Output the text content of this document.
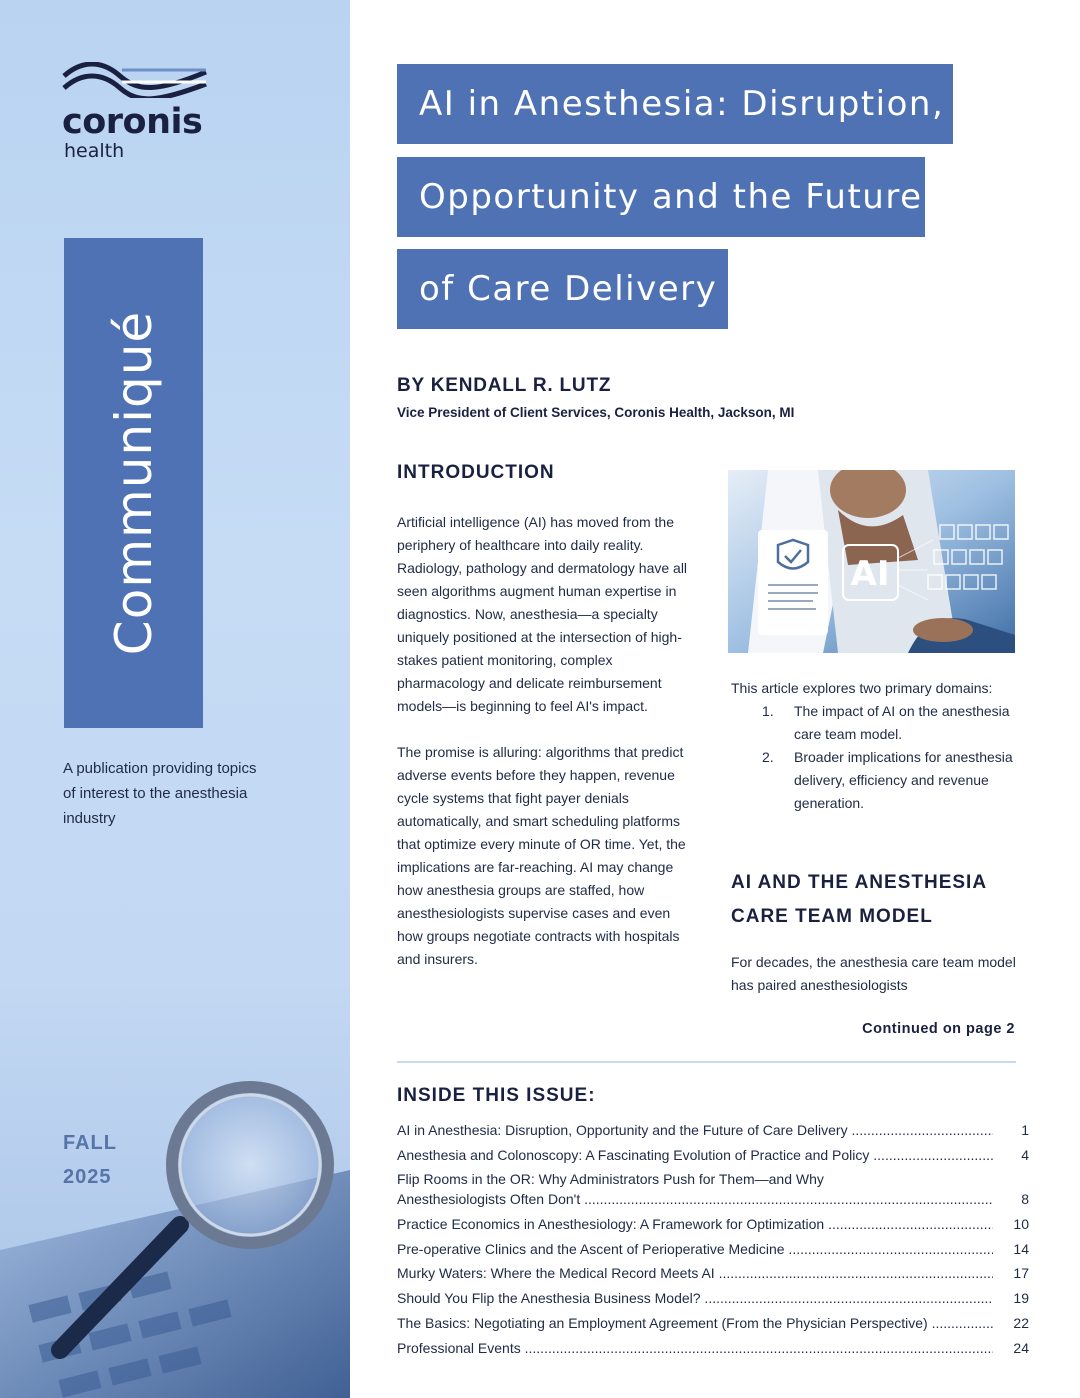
coronis
health
Communiqué
A publication providing topics of interest to the anesthesia industry
FALL
2025
AI in Anesthesia: Disruption,
Opportunity and the Future
of Care Delivery
BY KENDALL R. LUTZ
Vice President of Client Services, Coronis Health, Jackson, MI
INTRODUCTION

Artificial intelligence (AI) has moved from the periphery of healthcare into daily reality. Radiology, pathology and dermatology have all seen algorithms augment human expertise in diagnostics. Now, anesthesia—a specialty uniquely positioned at the intersection of high-stakes patient monitoring, complex pharmacology and delicate reimbursement models—is beginning to feel AI's impact.

The promise is alluring: algorithms that predict adverse events before they happen, revenue cycle systems that fight payer denials automatically, and smart scheduling platforms that optimize every minute of OR time. Yet, the implications are far-reaching. AI may change how anesthesia groups are staffed, how anesthesiologists supervise cases and even how groups negotiate contracts with hospitals and insurers.

AI
This article explores two primary domains:
1.	The impact of AI on the anesthesia care team model.
2.	Broader implications for anesthesia delivery, efficiency and revenue generation.
AI AND THE ANESTHESIA CARE TEAM MODEL
For decades, the anesthesia care team model has paired anesthesiologists
Continued on page 2
INSIDE THIS ISSUE:
AI in Anesthesia: Disruption, Opportunity and the Future of Care Delivery .....	1
Anesthesia and Colonoscopy: A Fascinating Evolution of Practice and Policy .....	4
Flip Rooms in the OR: Why Administrators Push for Them—and Why
Anesthesiologists Often Don't .....	8
Practice Economics in Anesthesiology: A Framework for Optimization .....	10
Pre-operative Clinics and the Ascent of Perioperative Medicine .....	14
Murky Waters: Where the Medical Record Meets AI .....	17
Should You Flip the Anesthesia Business Model? .....	19
The Basics: Negotiating an Employment Agreement (From the Physician Perspective) .....	22
Professional Events .....	24
